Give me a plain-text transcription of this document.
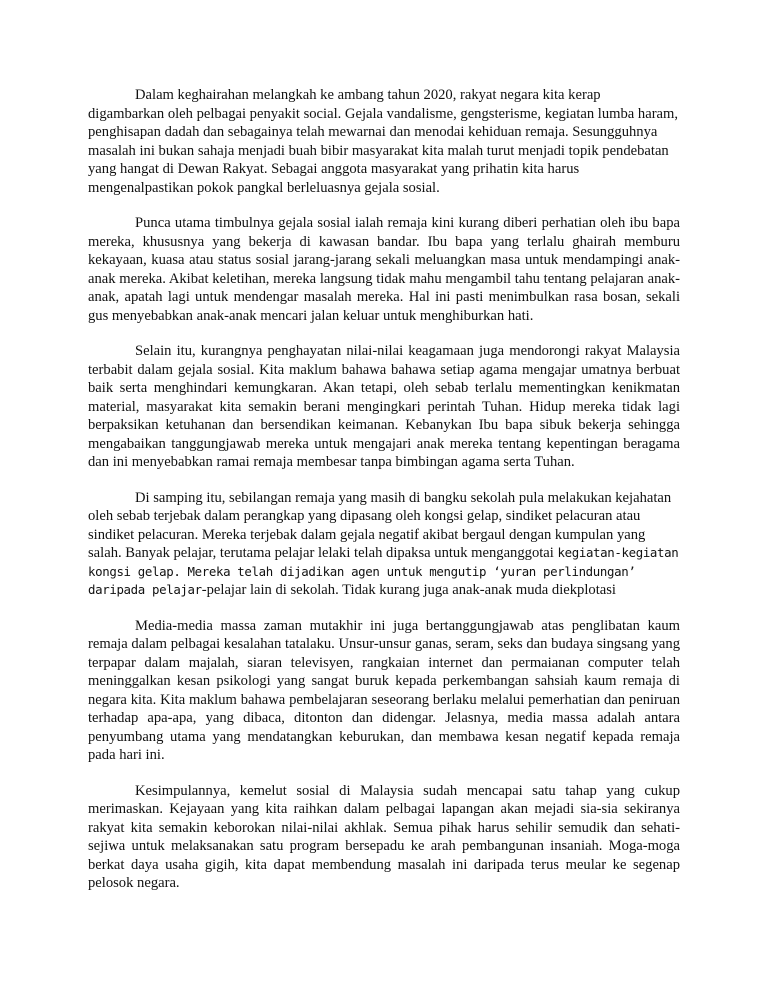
Dalam keghairahan melangkah ke ambang tahun 2020, rakyat negara kita kerap digambarkan oleh pelbagai penyakit social. Gejala vandalisme, gengsterisme, kegiatan lumba haram, penghisapan dadah dan sebagainya telah mewarnai dan menodai kehiduan remaja. Sesungguhnya masalah ini bukan sahaja menjadi buah bibir masyarakat kita malah turut menjadi topik pendebatan yang hangat di Dewan Rakyat. Sebagai anggota masyarakat yang prihatin kita harus mengenalpastikan pokok pangkal berleluasnya gejala sosial.

Punca utama timbulnya gejala sosial ialah remaja kini kurang diberi perhatian oleh ibu bapa mereka, khususnya yang bekerja di kawasan bandar. Ibu bapa yang terlalu ghairah memburu kekayaan, kuasa atau status sosial jarang-jarang sekali meluangkan masa untuk mendampingi anak-anak mereka. Akibat keletihan, mereka langsung tidak mahu mengambil tahu tentang pelajaran anak-anak, apatah lagi untuk mendengar masalah mereka. Hal ini pasti menimbulkan rasa bosan, sekali gus menyebabkan anak-anak mencari jalan keluar untuk menghiburkan hati.

Selain itu, kurangnya penghayatan nilai-nilai keagamaan juga mendorongi rakyat Malaysia terbabit dalam gejala sosial. Kita maklum bahawa bahawa setiap agama mengajar umatnya berbuat baik serta menghindari kemungkaran. Akan tetapi, oleh sebab terlalu mementingkan kenikmatan material, masyarakat kita semakin berani mengingkari perintah Tuhan. Hidup mereka tidak lagi berpaksikan ketuhanan dan bersendikan keimanan. Kebanykan Ibu bapa sibuk bekerja sehingga mengabaikan tanggungjawab mereka untuk mengajari anak mereka tentang kepentingan beragama dan ini menyebabkan ramai remaja membesar tanpa bimbingan agama serta Tuhan.

Di samping itu, sebilangan remaja yang masih di bangku sekolah pula melakukan kejahatan oleh sebab terjebak dalam perangkap yang dipasang oleh kongsi gelap, sindiket pelacuran atau sindiket pelacuran. Mereka terjebak dalam gejala negatif akibat bergaul dengan kumpulan yang salah. Banyak pelajar, terutama pelajar lelaki telah dipaksa untuk menganggotai kegiatan-kegiatan kongsi gelap. Mereka telah dijadikan agen untuk mengutip ‘yuran perlindungan’ daripada pelajar-pelajar lain di sekolah. Tidak kurang juga anak-anak muda diekplotasi

Media-media massa zaman mutakhir ini juga bertanggungjawab atas penglibatan kaum remaja dalam pelbagai kesalahan tatalaku. Unsur-unsur ganas, seram, seks dan budaya singsang yang terpapar dalam majalah, siaran televisyen, rangkaian internet dan permaianan computer telah meninggalkan kesan psikologi yang sangat buruk kepada perkembangan sahsiah kaum remaja di negara kita. Kita maklum bahawa pembelajaran seseorang berlaku melalui pemerhatian dan peniruan terhadap apa-apa, yang dibaca, ditonton dan didengar. Jelasnya, media massa adalah antara penyumbang utama yang mendatangkan keburukan, dan membawa kesan negatif kepada remaja pada hari ini.

Kesimpulannya, kemelut sosial di Malaysia sudah mencapai satu tahap yang cukup merimaskan. Kejayaan yang kita raihkan dalam pelbagai lapangan akan mejadi sia-sia sekiranya rakyat kita semakin keborokan nilai-nilai akhlak. Semua pihak harus sehilir semudik dan sehati-sejiwa untuk melaksanakan satu program bersepadu ke arah pembangunan insaniah. Moga-moga berkat daya usaha gigih, kita dapat membendung masalah ini daripada terus meular ke segenap pelosok negara.
